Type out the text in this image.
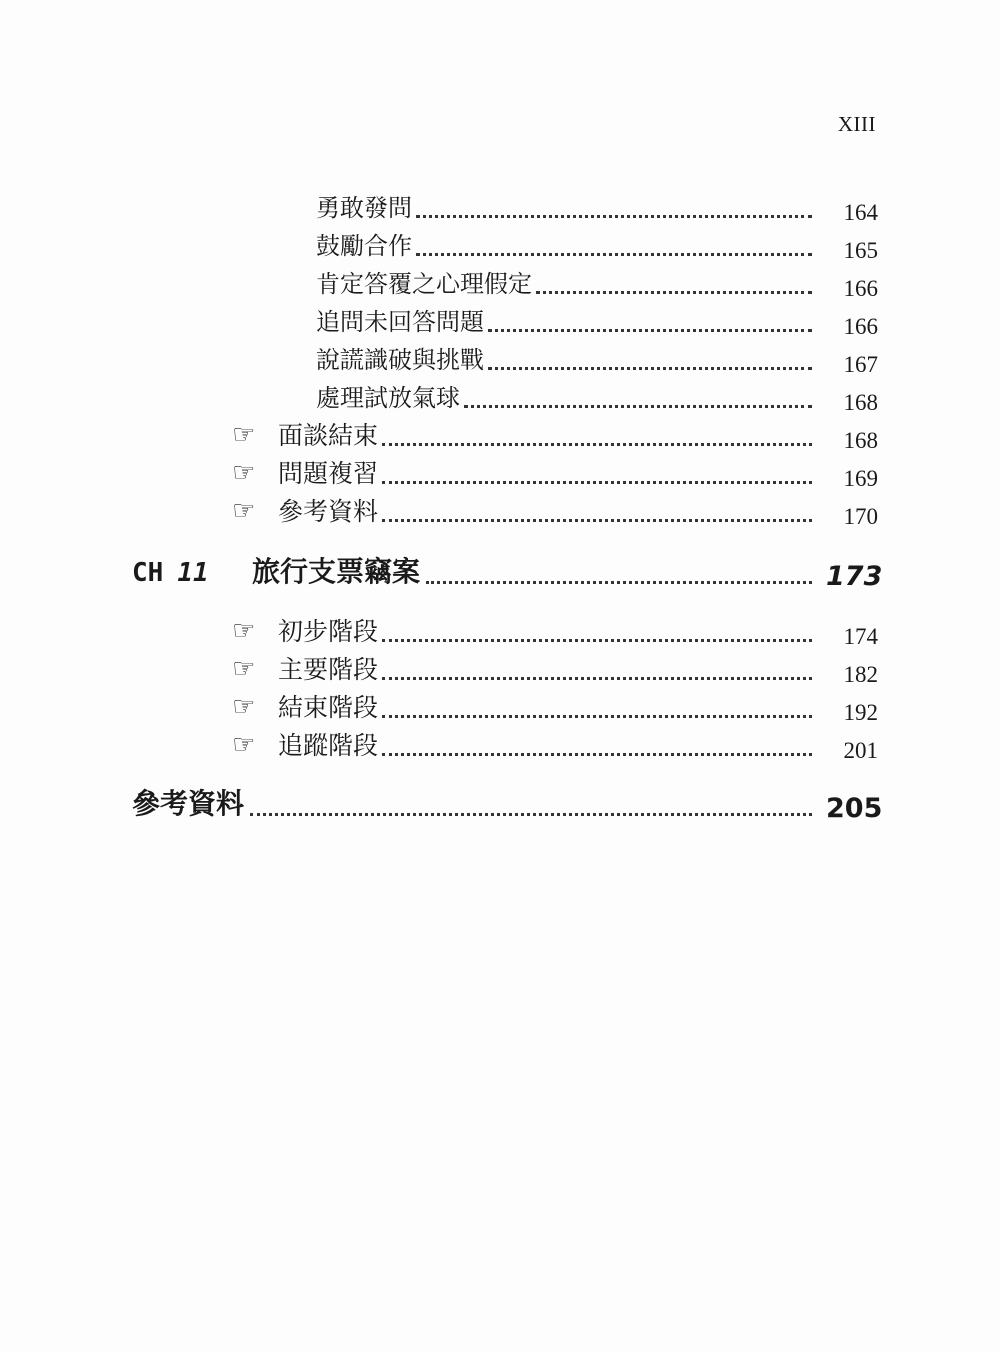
XIII
勇敢發問	164
鼓勵合作	165
肯定答覆之心理假定	166
追問未回答問題	166
說謊識破與挑戰	167
處理試放氣球	168
☞ 面談結束	168
☞ 問題複習	169
☞ 參考資料	170
CH 11	旅行支票竊案	173
☞ 初步階段	174
☞ 主要階段	182
☞ 結束階段	192
☞ 追蹤階段	201
參考資料	205
